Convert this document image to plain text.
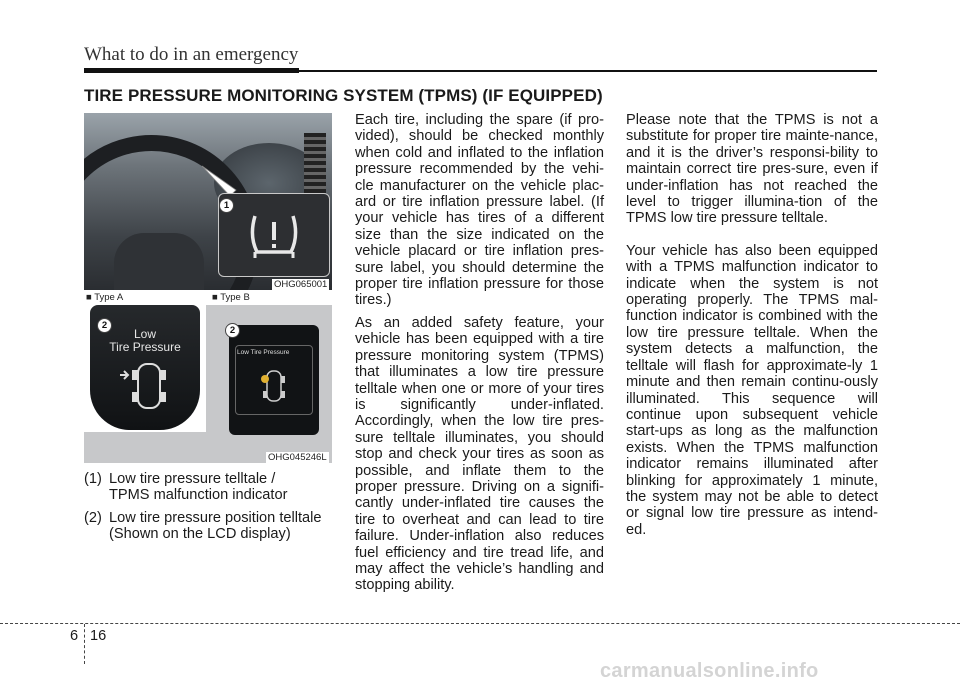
What to do in an emergency
TIRE PRESSURE MONITORING SYSTEM (TPMS) (IF EQUIPPED)
1
OHG065001
■ Type A	■ Type B
Low
Tire Pressure	Low Tire Pressure
2	2
OHG045246L
(1) Low tire pressure telltale /
TPMS malfunction indicator
(2) Low tire pressure position telltale
(Shown on the LCD display)

Each tire, including the spare (if pro-vided), should be checked monthly when cold and inflated to the inflation pressure recommended by the vehi-cle manufacturer on the vehicle plac-ard or tire inflation pressure label. (If your vehicle has tires of a different size than the size indicated on the vehicle placard or tire inflation pres-sure label, you should determine the proper tire inflation pressure for those tires.)

As an added safety feature, your vehicle has been equipped with a tire pressure monitoring system (TPMS) that illuminates a low tire pressure telltale when one or more of your tires is significantly under-inflated. Accordingly, when the low tire pres-sure telltale illuminates, you should stop and check your tires as soon as possible, and inflate them to the proper pressure. Driving on a signifi-cantly under-inflated tire causes the tire to overheat and can lead to tire failure. Under-inflation also reduces fuel efficiency and tire tread life, and may affect the vehicle’s handling and stopping ability.

Please note that the TPMS is not a substitute for proper tire mainte-nance, and it is the driver’s responsi-bility to maintain correct tire pres-sure, even if under-inflation has not reached the level to trigger illumina-tion of the TPMS low tire pressure telltale.

Your vehicle has also been equipped with a TPMS malfunction indicator to indicate when the system is not operating properly. The TPMS mal-function indicator is combined with the low tire pressure telltale. When the system detects a malfunction, the telltale will flash for approximate-ly 1 minute and then remain continu-ously illuminated. This sequence will continue upon subsequent vehicle start-ups as long as the malfunction exists. When the TPMS malfunction indicator remains illuminated after blinking for approximately 1 minute, the system may not be able to detect or signal low tire pressure as intend-ed.

6 16
carmanualsonline.info
